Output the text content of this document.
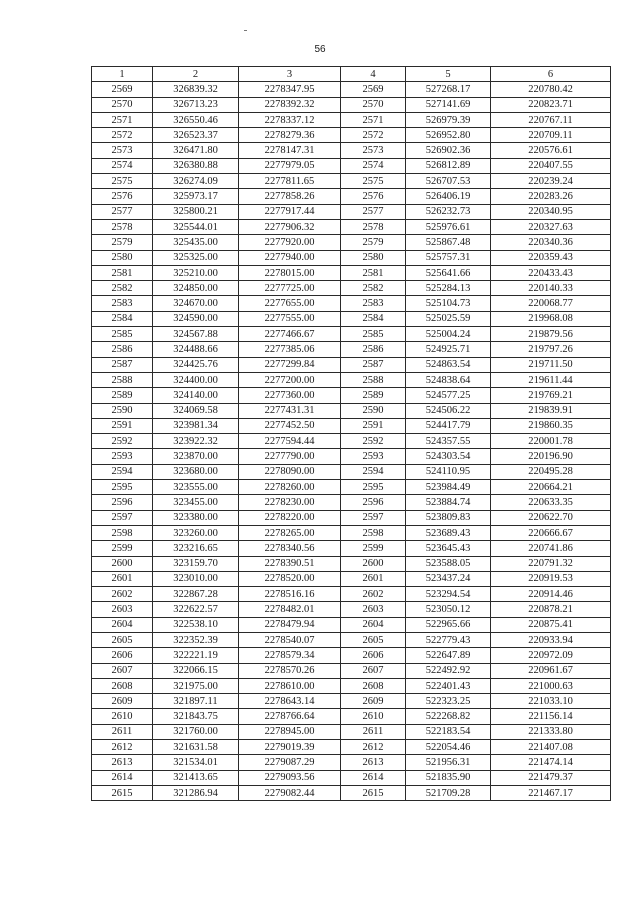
56
1	2	3	4	5	6
2569	326839.32	2278347.95	2569	527268.17	220780.42
2570	326713.23	2278392.32	2570	527141.69	220823.71
2571	326550.46	2278337.12	2571	526979.39	220767.11
2572	326523.37	2278279.36	2572	526952.80	220709.11
2573	326471.80	2278147.31	2573	526902.36	220576.61
2574	326380.88	2277979.05	2574	526812.89	220407.55
2575	326274.09	2277811.65	2575	526707.53	220239.24
2576	325973.17	2277858.26	2576	526406.19	220283.26
2577	325800.21	2277917.44	2577	526232.73	220340.95
2578	325544.01	2277906.32	2578	525976.61	220327.63
2579	325435.00	2277920.00	2579	525867.48	220340.36
2580	325325.00	2277940.00	2580	525757.31	220359.43
2581	325210.00	2278015.00	2581	525641.66	220433.43
2582	324850.00	2277725.00	2582	525284.13	220140.33
2583	324670.00	2277655.00	2583	525104.73	220068.77
2584	324590.00	2277555.00	2584	525025.59	219968.08
2585	324567.88	2277466.67	2585	525004.24	219879.56
2586	324488.66	2277385.06	2586	524925.71	219797.26
2587	324425.76	2277299.84	2587	524863.54	219711.50
2588	324400.00	2277200.00	2588	524838.64	219611.44
2589	324140.00	2277360.00	2589	524577.25	219769.21
2590	324069.58	2277431.31	2590	524506.22	219839.91
2591	323981.34	2277452.50	2591	524417.79	219860.35
2592	323922.32	2277594.44	2592	524357.55	220001.78
2593	323870.00	2277790.00	2593	524303.54	220196.90
2594	323680.00	2278090.00	2594	524110.95	220495.28
2595	323555.00	2278260.00	2595	523984.49	220664.21
2596	323455.00	2278230.00	2596	523884.74	220633.35
2597	323380.00	2278220.00	2597	523809.83	220622.70
2598	323260.00	2278265.00	2598	523689.43	220666.67
2599	323216.65	2278340.56	2599	523645.43	220741.86
2600	323159.70	2278390.51	2600	523588.05	220791.32
2601	323010.00	2278520.00	2601	523437.24	220919.53
2602	322867.28	2278516.16	2602	523294.54	220914.46
2603	322622.57	2278482.01	2603	523050.12	220878.21
2604	322538.10	2278479.94	2604	522965.66	220875.41
2605	322352.39	2278540.07	2605	522779.43	220933.94
2606	322221.19	2278579.34	2606	522647.89	220972.09
2607	322066.15	2278570.26	2607	522492.92	220961.67
2608	321975.00	2278610.00	2608	522401.43	221000.63
2609	321897.11	2278643.14	2609	522323.25	221033.10
2610	321843.75	2278766.64	2610	522268.82	221156.14
2611	321760.00	2278945.00	2611	522183.54	221333.80
2612	321631.58	2279019.39	2612	522054.46	221407.08
2613	321534.01	2279087.29	2613	521956.31	221474.14
2614	321413.65	2279093.56	2614	521835.90	221479.37
2615	321286.94	2279082.44	2615	521709.28	221467.17
